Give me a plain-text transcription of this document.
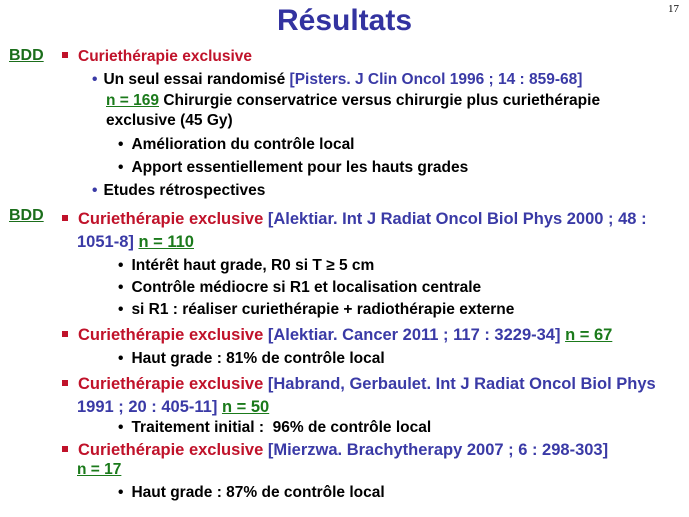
17
Résultats
BDD	Curiethérapie exclusive
• Un seul essai randomisé [Pisters. J Clin Oncol 1996 ; 14 : 859-68]
n = 169 Chirurgie conservatrice versus chirurgie plus curiethérapie
exclusive (45 Gy)
• Amélioration du contrôle local
• Apport essentiellement pour les hauts grades
• Etudes rétrospectives
BDD	Curiethérapie exclusive [Alektiar. Int J Radiat Oncol Biol Phys 2000 ; 48 :
1051-8] n = 110
• Intérêt haut grade, R0 si T ≥ 5 cm
• Contrôle médiocre si R1 et localisation centrale
• si R1 : réaliser curiethérapie + radiothérapie externe
Curiethérapie exclusive [Alektiar. Cancer 2011 ; 117 : 3229-34] n = 67
• Haut grade : 81% de contrôle local
Curiethérapie exclusive [Habrand, Gerbaulet. Int J Radiat Oncol Biol Phys
1991 ; 20 : 405-11] n = 50
• Traitement initial :  96% de contrôle local
Curiethérapie exclusive [Mierzwa. Brachytherapy 2007 ; 6 : 298-303]
n = 17
• Haut grade : 87% de contrôle local
